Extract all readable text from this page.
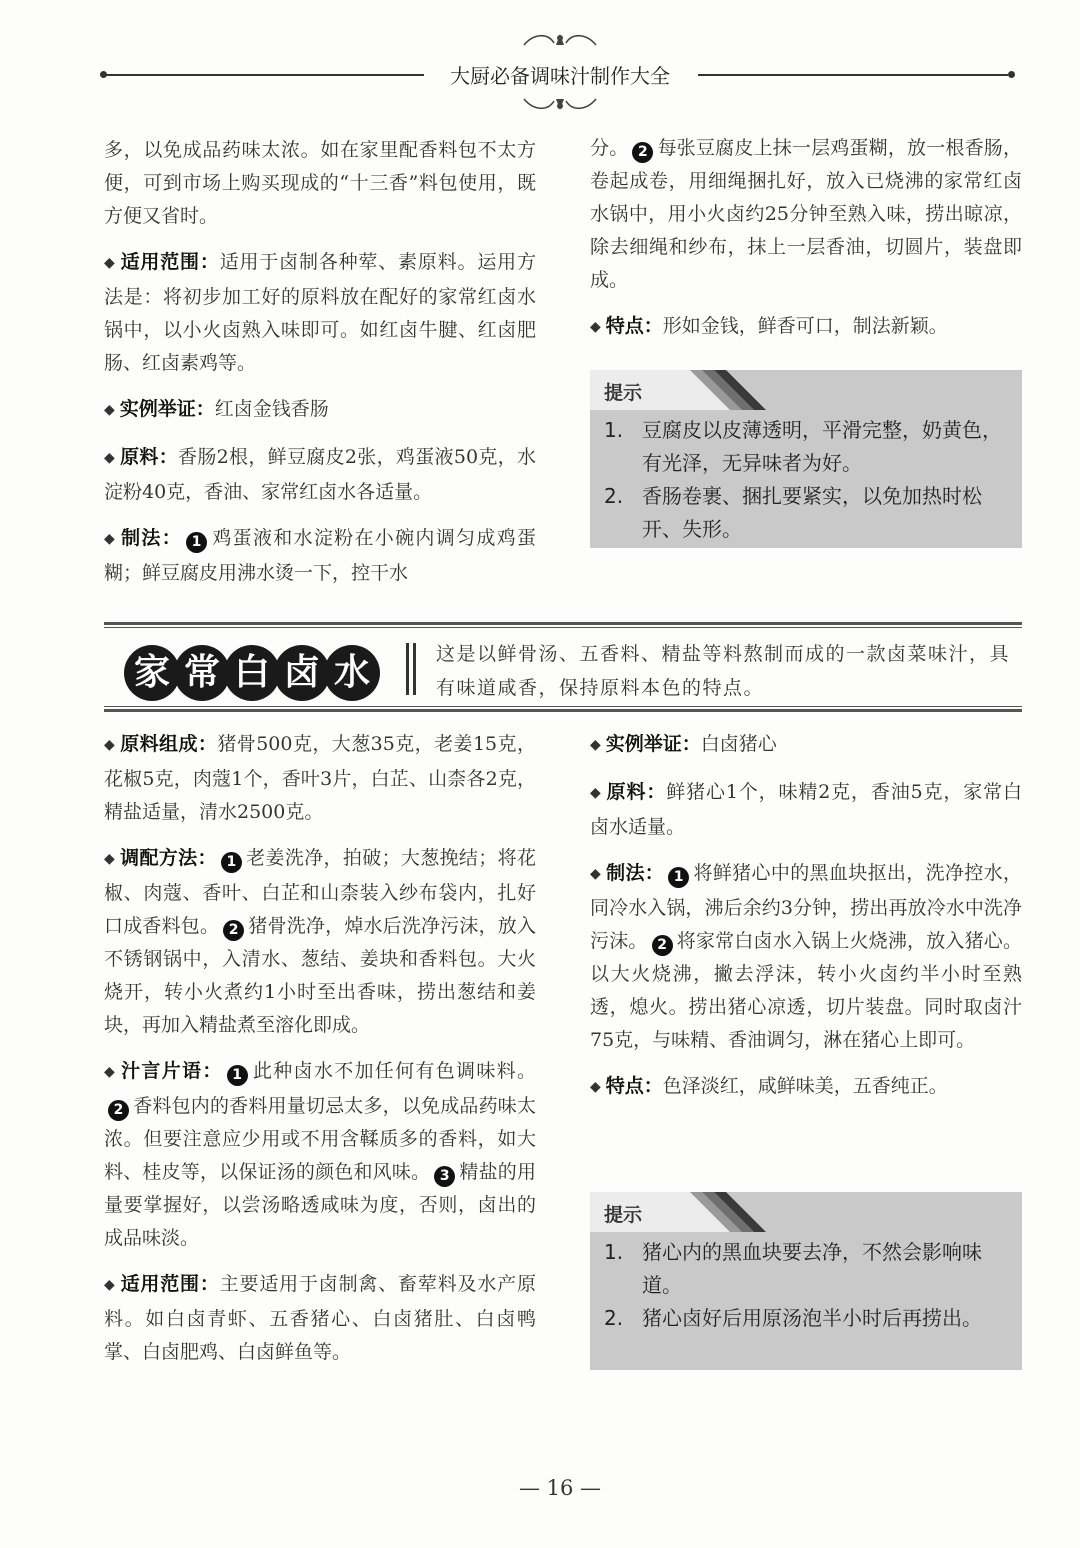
大厨必备调味汁制作大全

多，以免成品药味太浓。如在家里配香料包不太方便，可到市场上购买现成的“十三香”料包使用，既方便又省时。

◆ 适用范围：适用于卤制各种荤、素原料。运用方法是：将初步加工好的原料放在配好的家常红卤水锅中，以小火卤熟入味即可。如红卤牛腱、红卤肥肠、红卤素鸡等。

◆ 实例举证：红卤金钱香肠

◆ 原料：香肠2根，鲜豆腐皮2张，鸡蛋液50克，水淀粉40克，香油、家常红卤水各适量。

◆ 制法： 1 鸡蛋液和水淀粉在小碗内调匀成鸡蛋糊；鲜豆腐皮用沸水烫一下，控干水

分。 2 每张豆腐皮上抹一层鸡蛋糊，放一根香肠，卷起成卷，用细绳捆扎好，放入已烧沸的家常红卤水锅中，用小火卤约25分钟至熟入味，捞出晾凉，除去细绳和纱布，抹上一层香油，切圆片，装盘即成。

◆ 特点：形如金钱，鲜香可口，制法新颖。

提示
1. 豆腐皮以皮薄透明，平滑完整，奶黄色，有光泽，无异味者为好。
2. 香肠卷裹、捆扎要紧实，以免加热时松开、失形。
家 常 白 卤 水	这是以鲜骨汤、五香料、精盐等料熬制而成的一款卤菜味汁，具有味道咸香，保持原料本色的特点。

◆ 原料组成：猪骨500克，大葱35克，老姜15克，花椒5克，肉蔻1个，香叶3片，白芷、山柰各2克，精盐适量，清水2500克。

◆ 调配方法： 1 老姜洗净，拍破；大葱挽结；将花椒、肉蔻、香叶、白芷和山柰装入纱布袋内，扎好口成香料包。 2 猪骨洗净，焯水后洗净污沫，放入不锈钢锅中，入清水、葱结、姜块和香料包。大火烧开，转小火煮约1小时至出香味，捞出葱结和姜块，再加入精盐煮至溶化即成。

◆ 汁言片语： 1 此种卤水不加任何有色调味料。2 香料包内的香料用量切忌太多，以免成品药味太浓。但要注意应少用或不用含鞣质多的香料，如大料、桂皮等，以保证汤的颜色和风味。 3 精盐的用量要掌握好，以尝汤略透咸味为度，否则，卤出的成品味淡。

◆ 适用范围：主要适用于卤制禽、畜荤料及水产原料。如白卤青虾、五香猪心、白卤猪肚、白卤鸭掌、白卤肥鸡、白卤鲜鱼等。

◆ 实例举证：白卤猪心

◆ 原料：鲜猪心1个，味精2克，香油5克，家常白卤水适量。

◆ 制法： 1 将鲜猪心中的黑血块抠出，洗净控水，同冷水入锅，沸后余约3分钟，捞出再放冷水中洗净污沫。 2 将家常白卤水入锅上火烧沸，放入猪心。以大火烧沸，撇去浮沫，转小火卤约半小时至熟透，熄火。捞出猪心凉透，切片装盘。同时取卤汁75克，与味精、香油调匀，淋在猪心上即可。

◆ 特点：色泽淡红，咸鲜味美，五香纯正。

提示
1. 猪心内的黑血块要去净，不然会影响味道。
2. 猪心卤好后用原汤泡半小时后再捞出。
— 16 —
